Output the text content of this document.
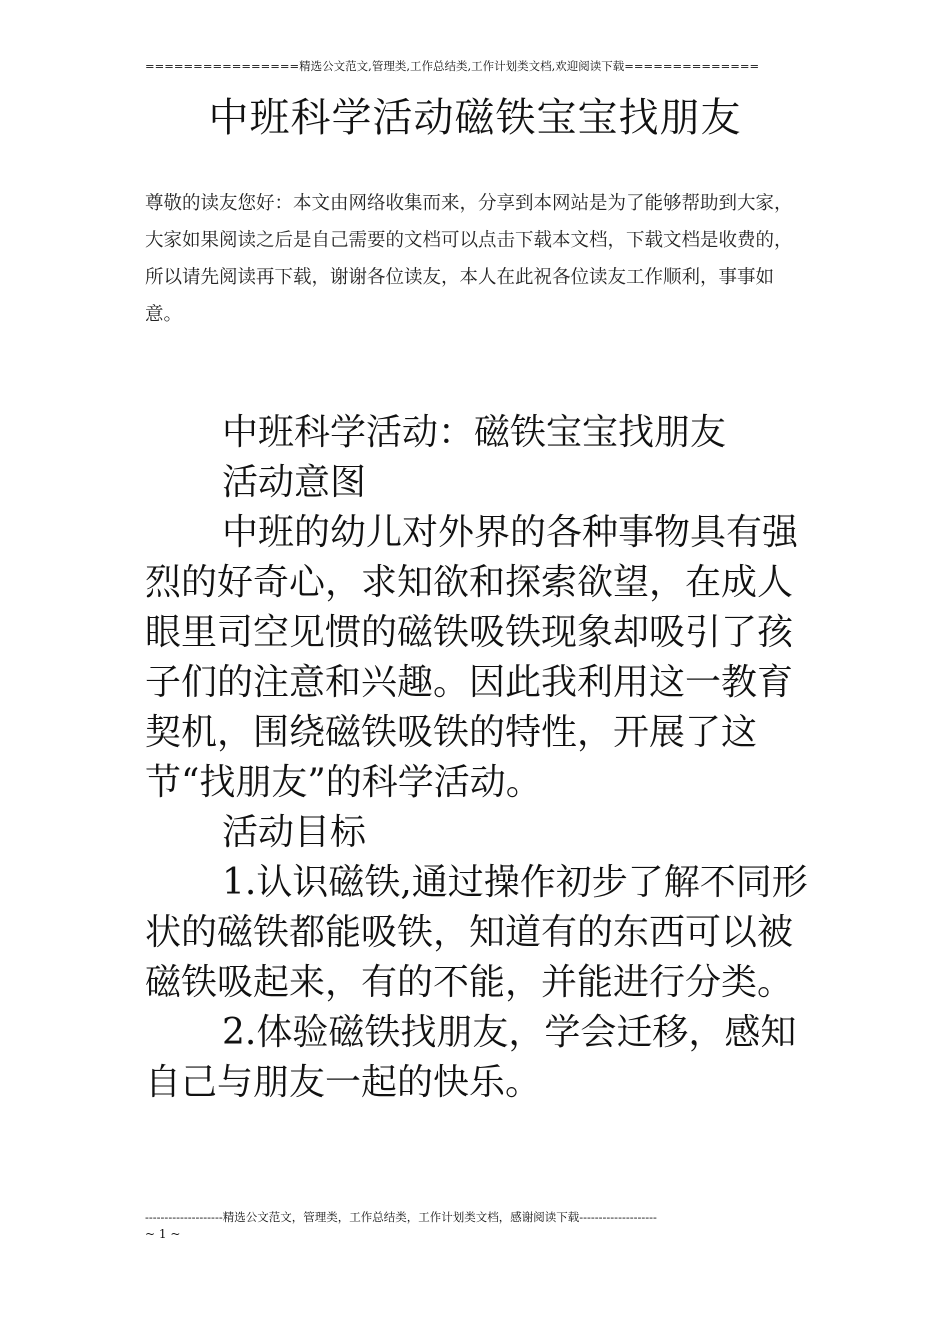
================精选公文范文,管理类,工作总结类,工作计划类文档,欢迎阅读下载==============
中班科学活动磁铁宝宝找朋友
尊敬的读友您好：本文由网络收集而来，分享到本网站是为了能够帮助到大家，大家如果阅读之后是自己需要的文档可以点击下载本文档，下载文档是收费的，所以请先阅读再下载，谢谢各位读友，本人在此祝各位读友工作顺利，事事如意。

中班科学活动：磁铁宝宝找朋友

活动意图

中班的幼儿对外界的各种事物具有强烈的好奇心，求知欲和探索欲望，在成人眼里司空见惯的磁铁吸铁现象却吸引了孩子们的注意和兴趣。因此我利用这一教育契机，围绕磁铁吸铁的特性，开展了这节“找朋友”的科学活动。

活动目标

1.认识磁铁,通过操作初步了解不同形状的磁铁都能吸铁，知道有的东西可以被磁铁吸起来，有的不能，并能进行分类。

2.体验磁铁找朋友，学会迁移，感知自己与朋友一起的快乐。

--------------------精选公文范文，管理类，工作总结类，工作计划类文档，感谢阅读下载--------------------
~ 1 ~
